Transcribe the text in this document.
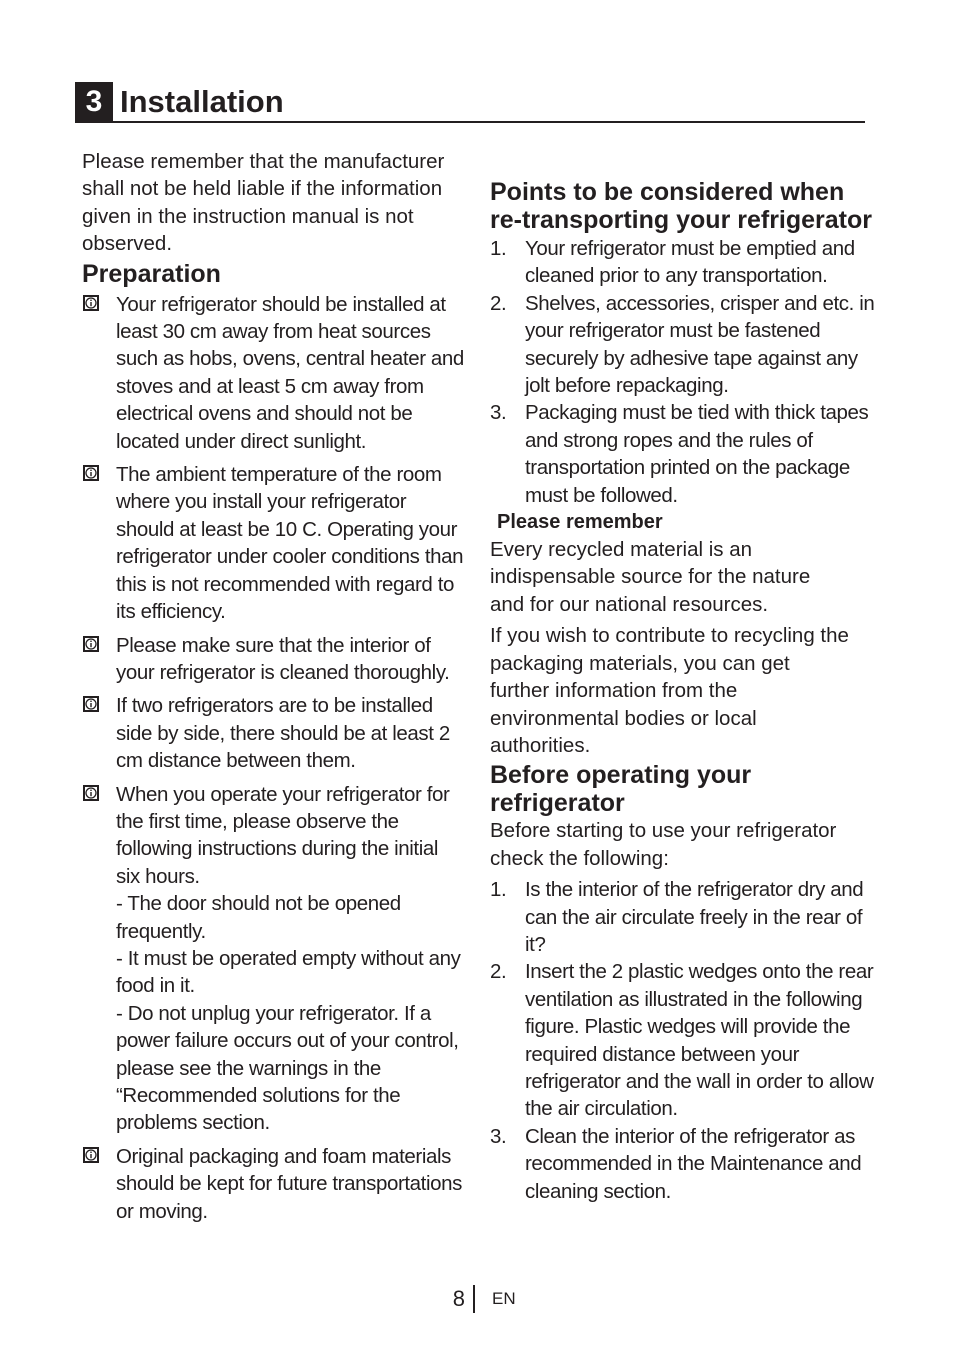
3 Installation

Please remember that the manufacturer shall not be held liable if the information given in the instruction manual is not observed.

Preparation
Your refrigerator should be installed at least 30 cm away from heat sources such as hobs, ovens, central heater and stoves and at least 5 cm away from electrical ovens and should not be located under direct sunlight.
The ambient temperature of the room where you install your refrigerator should at least be 10 C. Operating your refrigerator under cooler conditions than this is not recommended with regard to its efficiency.
Please make sure that the interior of your refrigerator is cleaned thoroughly.
If two refrigerators are to be installed side by side, there should be at least 2 cm distance between them.
When you operate your refrigerator for the first time, please observe the following instructions during the initial six hours.
- The door should not be opened frequently.
- It must be operated empty without any food in it.
- Do not unplug your refrigerator. If a power failure occurs out of your control, please see the warnings in the “Recommended solutions for the problems section.
Original packaging and foam materials should be kept for future transportations or moving.
Points to be considered when re-transporting your refrigerator
1. Your refrigerator must be emptied and cleaned prior to any transportation.
2. Shelves, accessories, crisper and etc. in your refrigerator must be fastened securely by adhesive tape against any jolt before repackaging.
3. Packaging must be tied with thick tapes and strong ropes and the rules of transportation printed on the package must be followed.
Please remember

Every recycled material is an indispensable source for the nature and for our national resources.

If you wish to contribute to recycling the packaging materials, you can get further information from the environmental bodies or local authorities.

Before operating your refrigerator

Before starting to use your refrigerator check the following:

1. Is the interior of the refrigerator dry and can the air circulate freely in the rear of it?
2. Insert the 2 plastic wedges onto the rear ventilation as illustrated in the following figure. Plastic wedges will provide the required distance between your refrigerator and the wall in order to allow the air circulation.
3. Clean the interior of the refrigerator as recommended in the Maintenance and cleaning section.
8 EN
